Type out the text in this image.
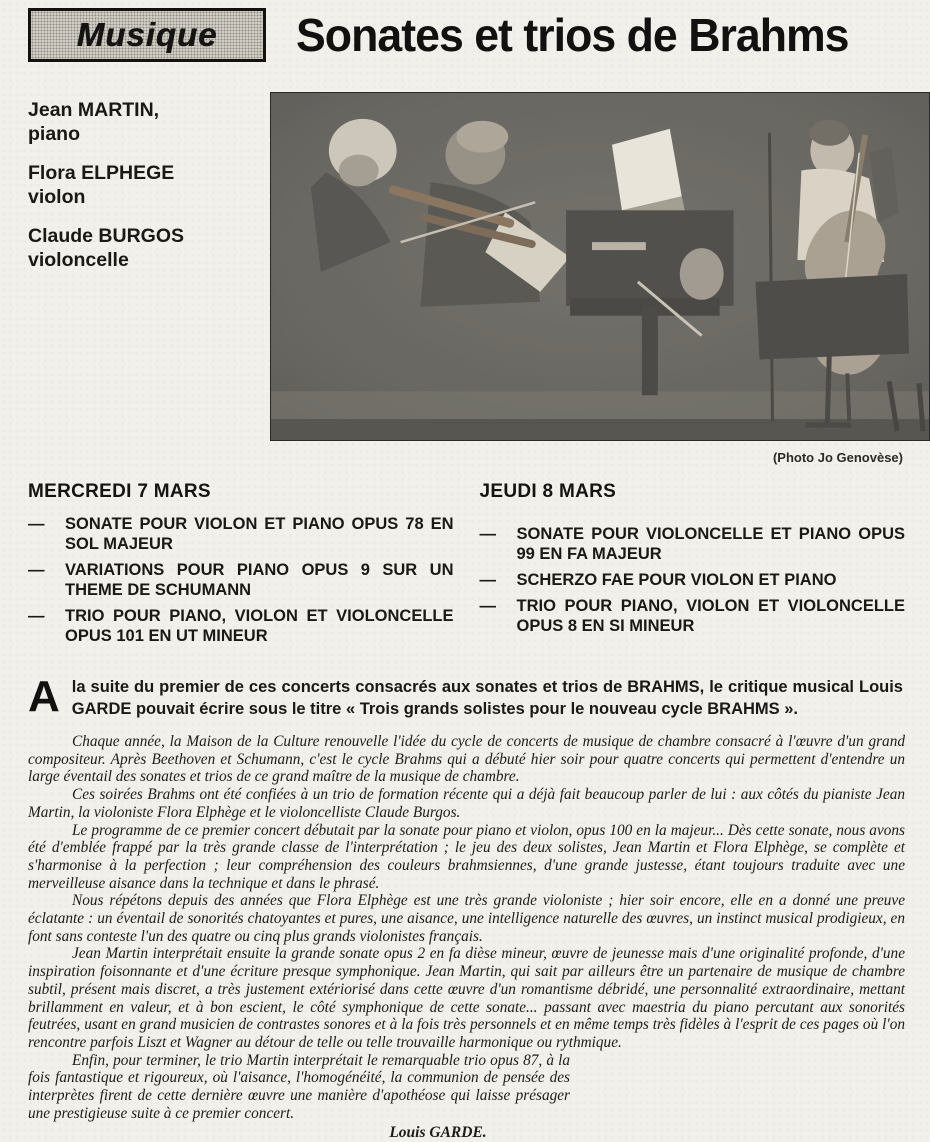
Musique Sonates et trios de Brahms
Jean MARTIN,
piano
Flora ELPHEGE
violon
Claude BURGOS
violoncelle
(Photo Jo Genovèse)
MERCREDI 7 MARS
— SONATE POUR VIOLON ET PIANO OPUS 78 EN SOL MAJEUR
— VARIATIONS POUR PIANO OPUS 9 SUR UN THEME DE SCHUMANN
— TRIO POUR PIANO, VIOLON ET VIOLONCELLE OPUS 101 EN UT MINEUR
JEUDI 8 MARS
— SONATE POUR VIOLONCELLE ET PIANO OPUS 99 EN FA MAJEUR
— SCHERZO FAE POUR VIOLON ET PIANO
— TRIO POUR PIANO, VIOLON ET VIOLONCELLE OPUS 8 EN SI MINEUR
A la suite du premier de ces concerts consacrés aux sonates et trios de BRAHMS, le critique musical Louis GARDE pouvait écrire sous le titre « Trois grands solistes pour le nouveau cycle BRAHMS ».

Chaque année, la Maison de la Culture renouvelle l'idée du cycle de concerts de musique de chambre consacré à l'œuvre d'un grand compositeur. Après Beethoven et Schumann, c'est le cycle Brahms qui a débuté hier soir pour quatre concerts qui permettent d'entendre un large éventail des sonates et trios de ce grand maître de la musique de chambre.

Ces soirées Brahms ont été confiées à un trio de formation récente qui a déjà fait beaucoup parler de lui : aux côtés du pianiste Jean Martin, la violoniste Flora Elphège et le violoncelliste Claude Burgos.

Le programme de ce premier concert débutait par la sonate pour piano et violon, opus 100 en la majeur... Dès cette sonate, nous avons été d'emblée frappé par la très grande classe de l'interprétation ; le jeu des deux solistes, Jean Martin et Flora Elphège, se complète et s'harmonise à la perfection ; leur compréhension des couleurs brahmsiennes, d'une grande justesse, étant toujours traduite avec une merveilleuse aisance dans la technique et dans le phrasé.

Nous répétons depuis des années que Flora Elphège est une très grande violoniste ; hier soir encore, elle en a donné une preuve éclatante : un éventail de sonorités chatoyantes et pures, une aisance, une intelligence naturelle des œuvres, un instinct musical prodigieux, en font sans conteste l'un des quatre ou cinq plus grands violonistes français.

Jean Martin interprétait ensuite la grande sonate opus 2 en fa dièse mineur, œuvre de jeunesse mais d'une originalité profonde, d'une inspiration foisonnante et d'une écriture presque symphonique. Jean Martin, qui sait par ailleurs être un partenaire de musique de chambre subtil, présent mais discret, a très justement extériorisé dans cette œuvre d'un romantisme débridé, une personnalité extraordinaire, mettant brillamment en valeur, et à bon escient, le côté symphonique de cette sonate... passant avec maestria du piano percutant aux sonorités feutrées, usant en grand musicien de contrastes sonores et à la fois très personnels et en même temps très fidèles à l'esprit de ces pages où l'on rencontre parfois Liszt et Wagner au détour de telle ou telle trouvaille harmonique ou rythmique.

Enfin, pour terminer, le trio Martin interprétait le remarquable trio opus 87, à la fois fantastique et rigoureux, où l'aisance, l'homogénéité, la communion de pensée des interprètes firent de cette dernière œuvre une manière d'apothéose qui laisse présager une prestigieuse suite à ce premier concert.

Louis GARDE.
